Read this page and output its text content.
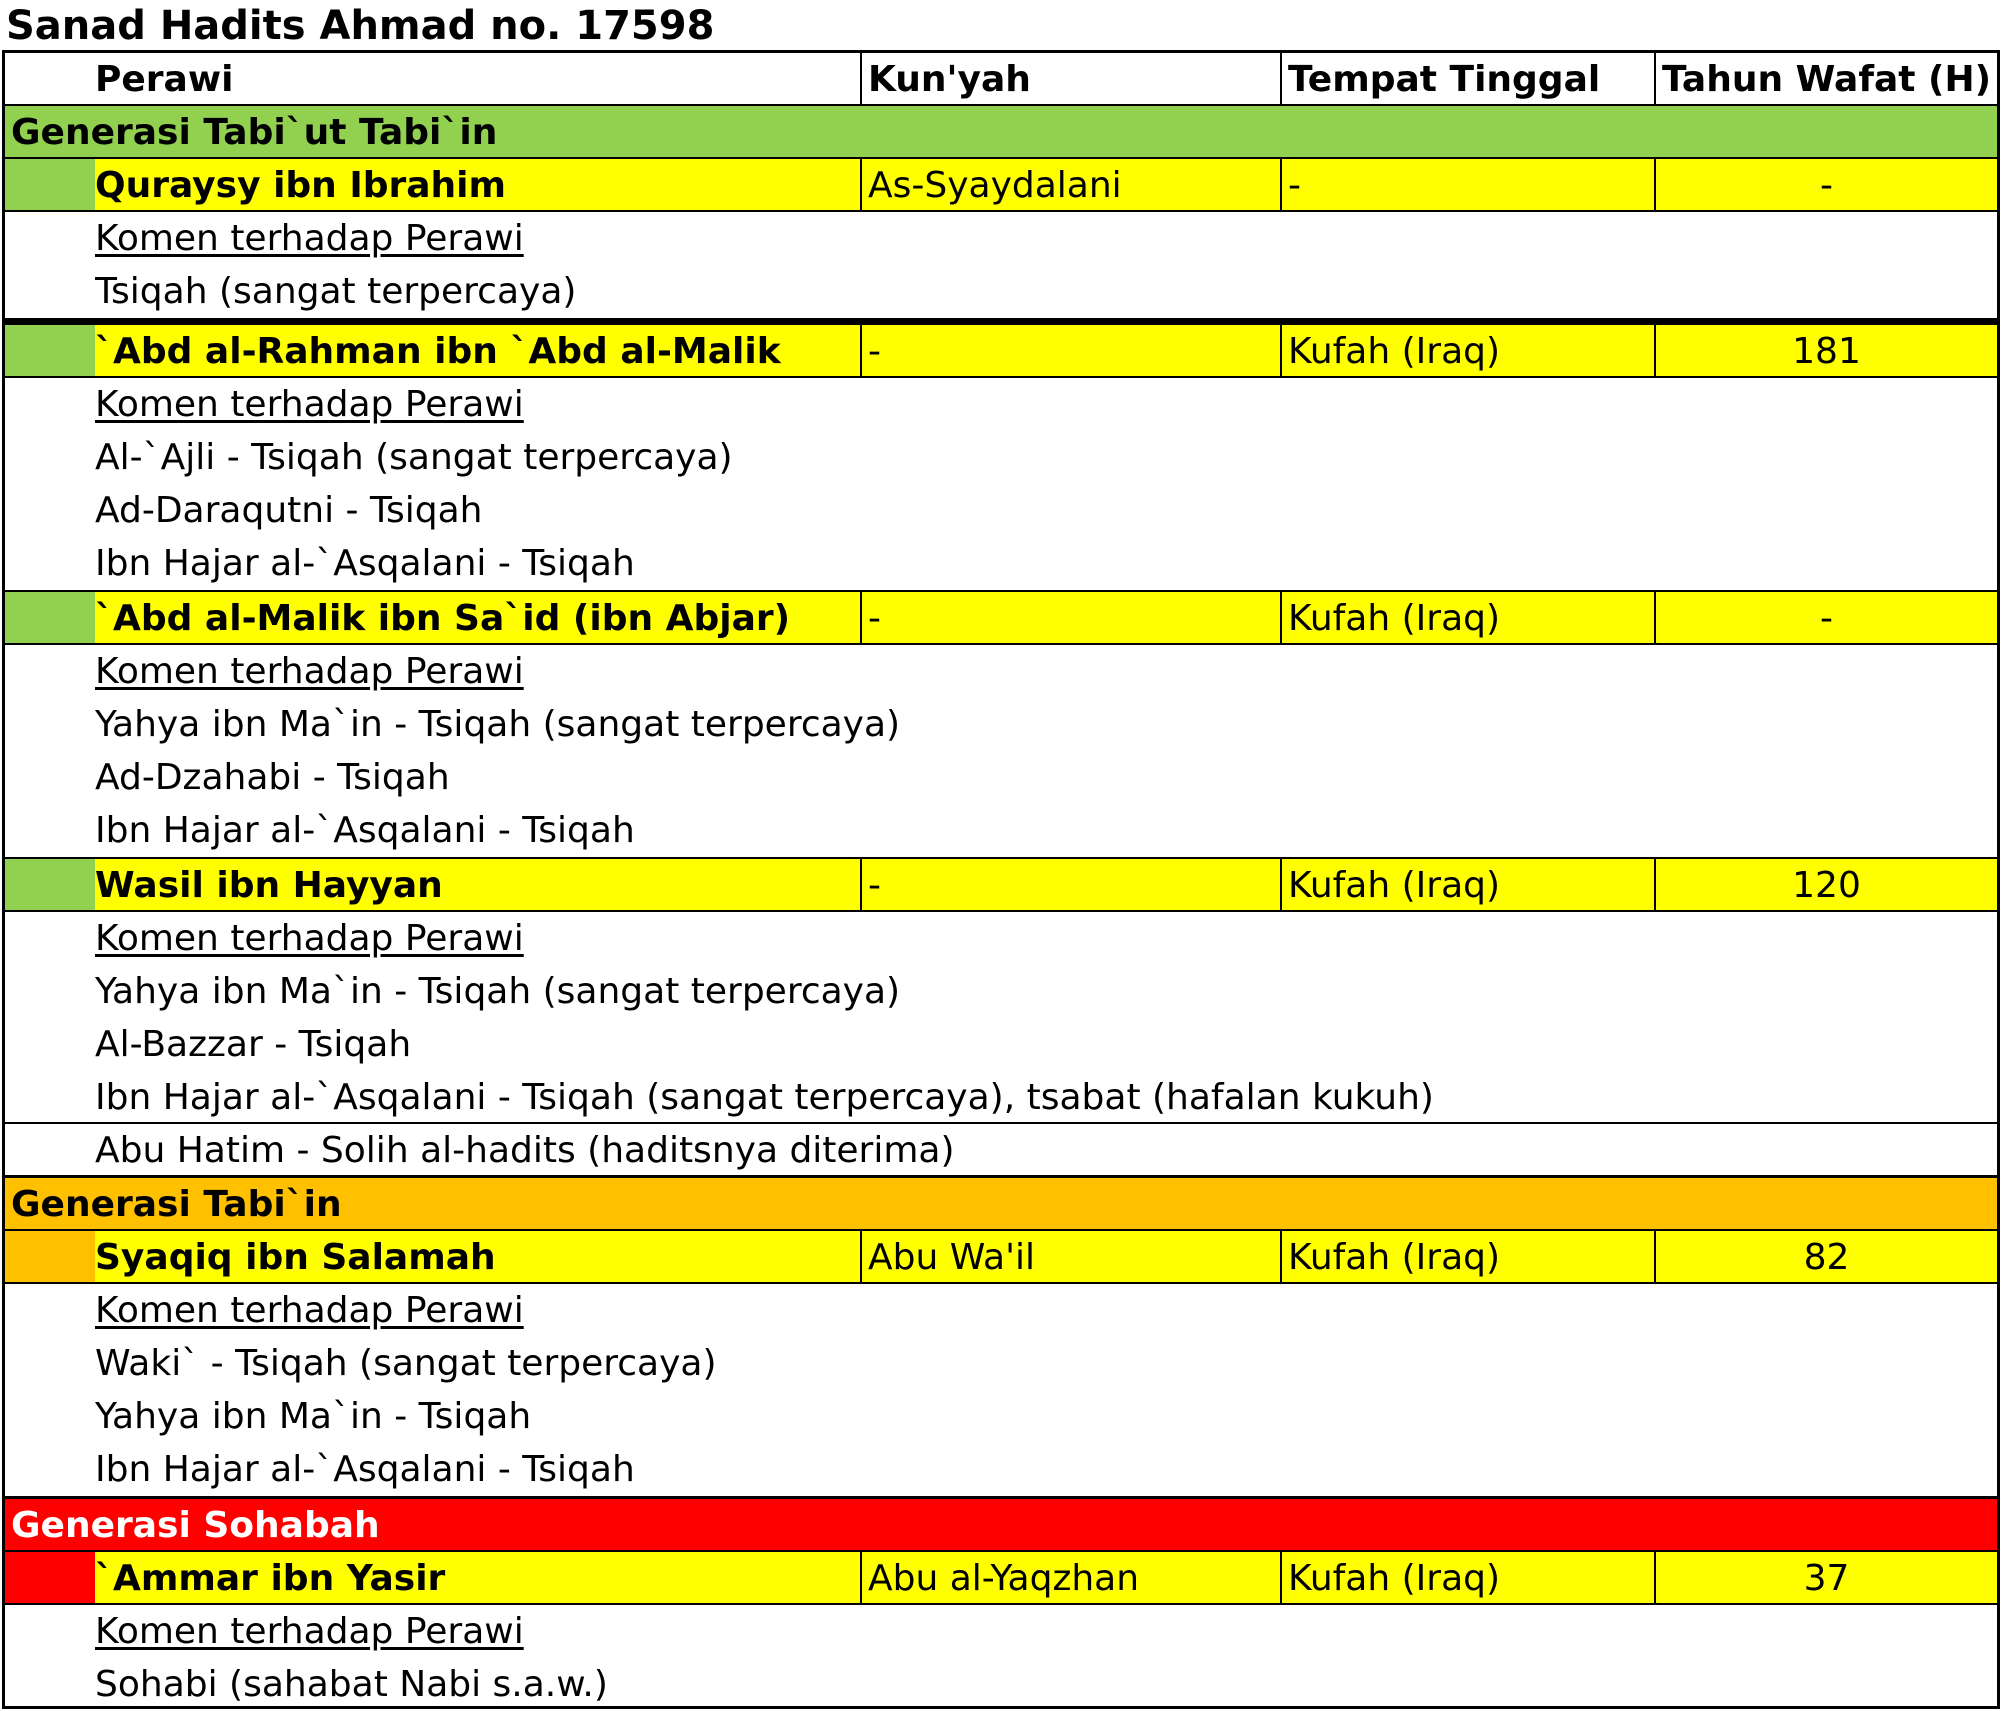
Sanad Hadits Ahmad no. 17598
Perawi	Kun'yah	Tempat Tinggal	Tahun Wafat (H)
Generasi Tabi`ut Tabi`in
Quraysy ibn Ibrahim	As-Syaydalani	-	-
Komen terhadap Perawi
Tsiqah (sangat terpercaya)
`Abd al-Rahman ibn `Abd al-Malik	-	Kufah (Iraq)	181
Komen terhadap Perawi
Al-`Ajli - Tsiqah (sangat terpercaya)
Ad-Daraqutni - Tsiqah
Ibn Hajar al-`Asqalani - Tsiqah
`Abd al-Malik ibn Sa`id (ibn Abjar)	-	Kufah (Iraq)	-
Komen terhadap Perawi
Yahya ibn Ma`in - Tsiqah (sangat terpercaya)
Ad-Dzahabi - Tsiqah
Ibn Hajar al-`Asqalani - Tsiqah
Wasil ibn Hayyan	-	Kufah (Iraq)	120
Komen terhadap Perawi
Yahya ibn Ma`in - Tsiqah (sangat terpercaya)
Al-Bazzar - Tsiqah
Ibn Hajar al-`Asqalani - Tsiqah (sangat terpercaya), tsabat (hafalan kukuh)
Abu Hatim - Solih al-hadits (haditsnya diterima)
Generasi Tabi`in
Syaqiq ibn Salamah	Abu Wa'il	Kufah (Iraq)	82
Komen terhadap Perawi
Waki` - Tsiqah (sangat terpercaya)
Yahya ibn Ma`in - Tsiqah
Ibn Hajar al-`Asqalani - Tsiqah
Generasi Sohabah
`Ammar ibn Yasir	Abu al-Yaqzhan	Kufah (Iraq)	37
Komen terhadap Perawi
Sohabi (sahabat Nabi s.a.w.)
